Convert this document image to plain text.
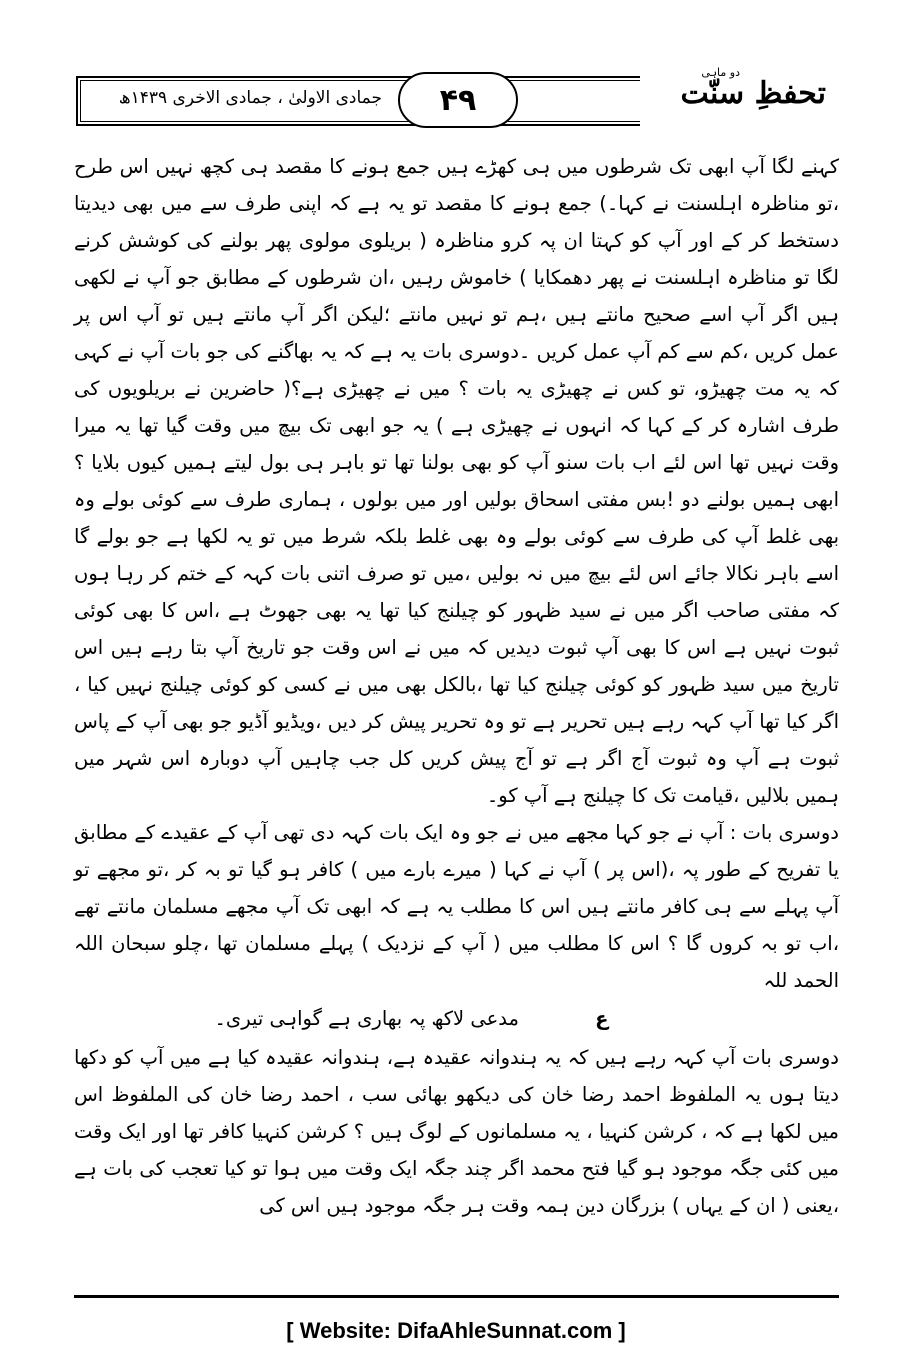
جمادی الاولیٰ ، جمادی الاخری ۱۴۳۹ھ	۴۹
دو ماہی
تحفظِ سنّت

کہنے لگا آپ ابھی تک شرطوں میں ہی کھڑے ہیں جمع ہونے کا مقصد ہی کچھ نہیں اس طرح ،تو مناظرہ اہلسنت نے کہا۔) جمع ہونے کا مقصد تو یہ ہے کہ اپنی طرف سے میں بھی دیدیتا دستخط کر کے اور آپ کو کہتا ان پہ کرو مناظرہ ( بریلوی مولوی پھر بولنے کی کوشش کرنے لگا تو مناظرہ اہلسنت نے پھر دھمکایا ) خاموش رہیں ،ان شرطوں کے مطابق جو آپ نے لکھی ہیں اگر آپ اسے صحیح مانتے ہیں ،ہم تو نہیں مانتے ؛لیکن اگر آپ مانتے ہیں تو آپ اس پر عمل کریں ،کم سے کم آپ عمل کریں ۔دوسری بات یہ ہے کہ یہ بھاگنے کی جو بات آپ نے کہی کہ یہ مت چھیڑو، تو کس نے چھیڑی یہ بات ؟ میں نے چھیڑی ہے؟( حاضرین نے بریلویوں کی طرف اشارہ کر کے کہا کہ انہوں نے چھیڑی ہے ) یہ جو ابھی تک بیچ میں وقت گیا تھا یہ میرا وقت نہیں تھا اس لئے اب بات سنو آپ کو بھی بولنا تھا تو باہر ہی بول لیتے ہمیں کیوں بلایا ؟ ابھی ہمیں بولنے دو !بس مفتی اسحاق بولیں اور میں بولوں ، ہماری طرف سے کوئی بولے وہ بھی غلط آپ کی طرف سے کوئی بولے وہ بھی غلط بلکہ شرط میں تو یہ لکھا ہے جو بولے گا اسے باہر نکالا جائے اس لئے بیچ میں نہ بولیں ،میں تو صرف اتنی بات کہہ کے ختم کر رہا ہوں کہ مفتی صاحب اگر میں نے سید ظہور کو چیلنج کیا تھا یہ بھی جھوٹ ہے ،اس کا بھی کوئی ثبوت نہیں ہے اس کا بھی آپ ثبوت دیدیں کہ میں نے اس وقت جو تاریخ آپ بتا رہے ہیں اس تاریخ میں سید ظہور کو کوئی چیلنج کیا تھا ،بالکل بھی میں نے کسی کو کوئی چیلنج نہیں کیا ، اگر کیا تھا آپ کہہ رہے ہیں تحریر ہے تو وہ تحریر پیش کر دیں ،ویڈیو آڈیو جو بھی آپ کے پاس ثبوت ہے آپ وہ ثبوت آج اگر ہے تو آج پیش کریں کل جب چاہیں آپ دوبارہ اس شہر میں ہمیں بلالیں ،قیامت تک کا چیلنج ہے آپ کو۔

دوسری بات : آپ نے جو کہا مجھے میں نے جو وہ ایک بات کہہ دی تھی آپ کے عقیدے کے مطابق یا تفریح کے طور پہ ،(اس پر ) آپ نے کہا ( میرے بارے میں ) کافر ہو گیا تو بہ کر ،تو مجھے تو آپ پہلے سے ہی کافر مانتے ہیں اس کا مطلب یہ ہے کہ ابھی تک آپ مجھے مسلمان مانتے تھے ،اب تو بہ کروں گا ؟ اس کا مطلب میں ( آپ کے نزدیک ) پہلے مسلمان تھا ،چلو سبحان اللہ الحمد للہ

ع مدعی لاکھ پہ بھاری ہے گواہی تیری۔

دوسری بات آپ کہہ رہے ہیں کہ یہ ہندوانہ عقیدہ ہے، ہندوانہ عقیدہ کیا ہے میں آپ کو دکھا دیتا ہوں یہ الملفوظ احمد رضا خان کی دیکھو بھائی سب ، احمد رضا خان کی الملفوظ اس میں لکھا ہے کہ ، کرشن کنہیا ، یہ مسلمانوں کے لوگ ہیں ؟ کرشن کنہیا کافر تھا اور ایک وقت میں کئی جگہ موجود ہو گیا فتح محمد اگر چند جگہ ایک وقت میں ہوا تو کیا تعجب کی بات ہے ،یعنی ( ان کے یہاں ) بزرگان دین ہمہ وقت ہر جگہ موجود ہیں اس کی

[ Website: DifaAhleSunnat.com ]
